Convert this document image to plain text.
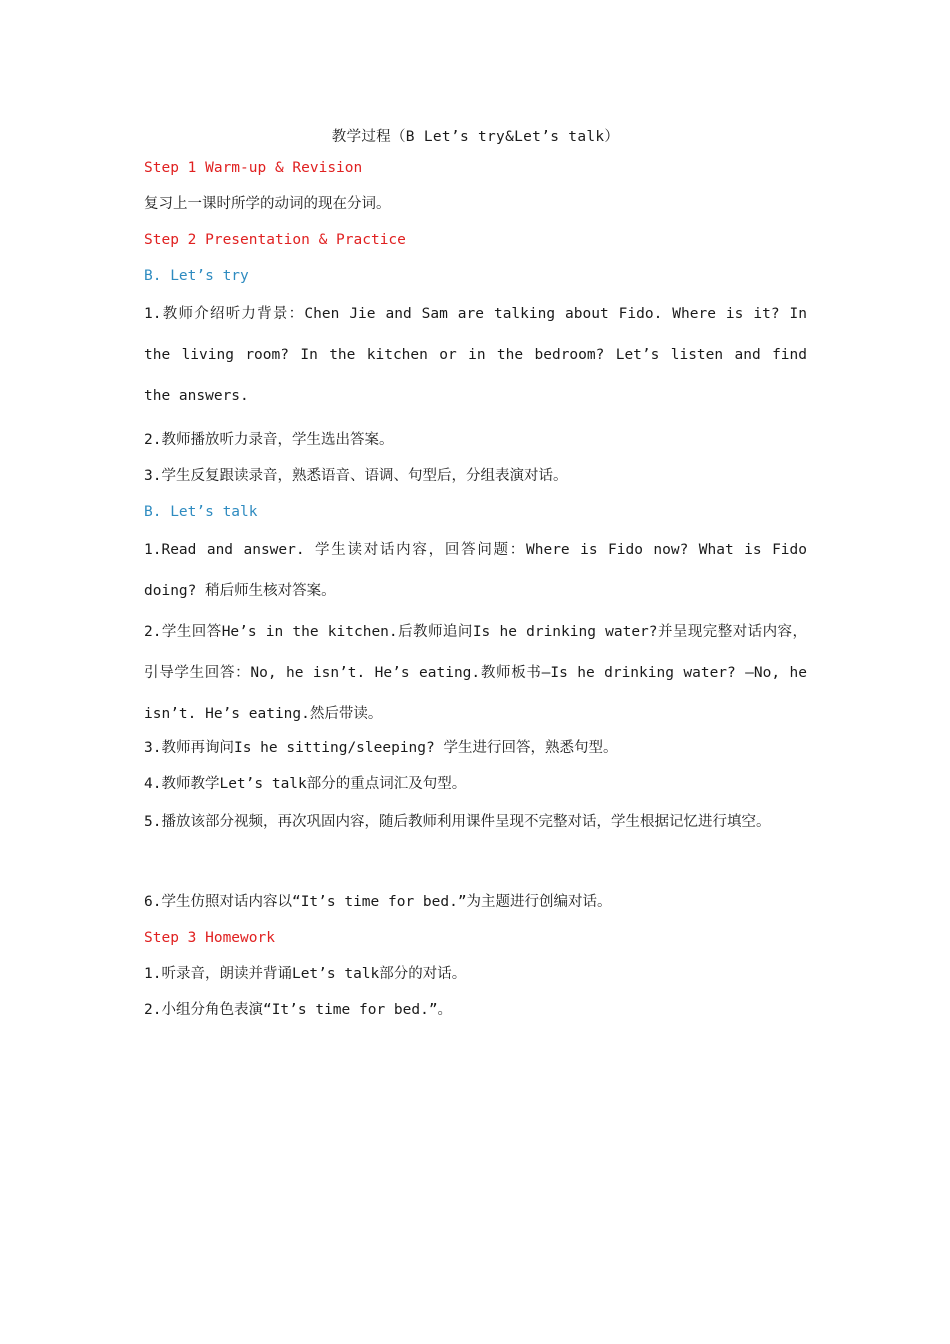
教学过程（B Let’s try&Let’s talk）
Step 1 Warm-up & Revision
复习上一课时所学的动词的现在分词。
Step 2 Presentation & Practice
B. Let’s try
1.教师介绍听力背景：Chen Jie and Sam are talking about Fido. Where is it? In the living room? In the kitchen or in the bedroom? Let’s listen and find the answers.
2.教师播放听力录音，学生选出答案。
3.学生反复跟读录音，熟悉语音、语调、句型后，分组表演对话。
B. Let’s talk
1.Read and answer. 学生读对话内容，回答问题：Where is Fido now? What is Fido doing? 稍后师生核对答案。
2.学生回答He’s in the kitchen.后教师追问Is he drinking water?并呈现完整对话内容，引导学生回答：No, he isn’t. He’s eating.教师板书—Is he drinking water? —No, he isn’t. He’s eating.然后带读。
3.教师再询问Is he sitting/sleeping? 学生进行回答，熟悉句型。
4.教师教学Let’s talk部分的重点词汇及句型。
5.播放该部分视频，再次巩固内容，随后教师利用课件呈现不完整对话，学生根据记忆进行填空。
6.学生仿照对话内容以“It’s time for bed.”为主题进行创编对话。
Step 3 Homework
1.听录音，朗读并背诵Let’s talk部分的对话。
2.小组分角色表演“It’s time for bed.”。
